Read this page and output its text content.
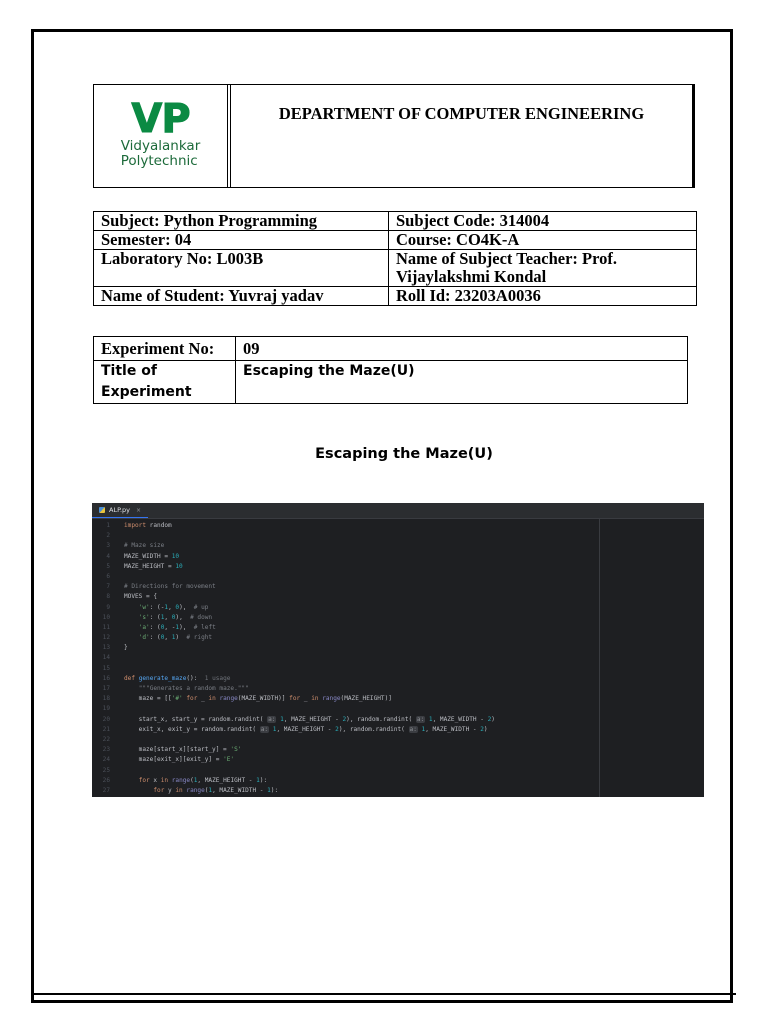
VP
Vidyalankar
Polytechnic
DEPARTMENT OF COMPUTER ENGINEERING
Subject: Python Programming	Subject Code: 314004
Semester: 04	Course: CO4K-A
Laboratory No: L003B	Name of Subject Teacher: Prof. Vijaylakshmi Kondal
Name of Student: Yuvraj yadav	Roll Id: 23203A0036
Experiment No:	09
Title of Experiment	Escaping the Maze(U)
Escaping the Maze(U)
ALP.py ×
1	import random
2
3	# Maze size
4	MAZE_WIDTH = 10
5	MAZE_HEIGHT = 10
6
7	# Directions for movement
8	MOVES = {
9	'w': (-1, 0),  # up
10	's': (1, 0),  # down
11	'a': (0, -1),  # left
12	'd': (0, 1)  # right
13	}
14
15
16	def generate_maze():  1 usage
17	"""Generates a random maze."""
18	maze = [['#' for _ in range(MAZE_WIDTH)] for _ in range(MAZE_HEIGHT)]
19
20	start_x, start_y = random.randint( a: 1, MAZE_HEIGHT - 2), random.randint( a: 1, MAZE_WIDTH - 2)
21	exit_x, exit_y = random.randint( a: 1, MAZE_HEIGHT - 2), random.randint( a: 1, MAZE_WIDTH - 2)
22
23	maze[start_x][start_y] = 'S'
24	maze[exit_x][exit_y] = 'E'
25
26	for x in range(1, MAZE_HEIGHT - 1):
27	for y in range(1, MAZE_WIDTH - 1):
